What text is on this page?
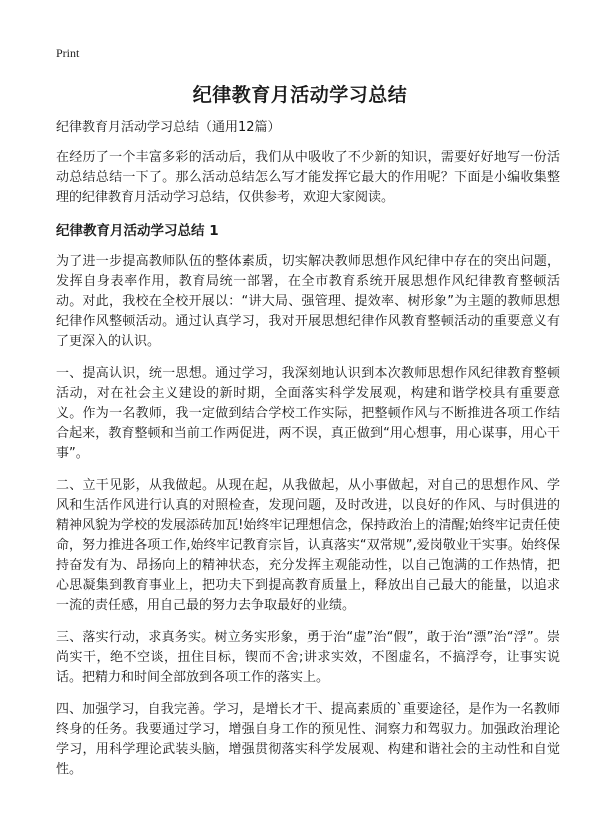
Print
纪律教育月活动学习总结
纪律教育月活动学习总结（通用12篇）

在经历了一个丰富多彩的活动后，我们从中吸收了不少新的知识，需要好好地写一份活动总结总结一下了。那么活动总结怎么写才能发挥它最大的作用呢？下面是小编收集整理的纪律教育月活动学习总结，仅供参考，欢迎大家阅读。

纪律教育月活动学习总结 1

为了进一步提高教师队伍的整体素质，切实解决教师思想作风纪律中存在的突出问题，发挥自身表率作用，教育局统一部署，在全市教育系统开展思想作风纪律教育整顿活动。对此，我校在全校开展以：“讲大局、强管理、提效率、树形象”为主题的教师思想纪律作风整顿活动。通过认真学习，我对开展思想纪律作风教育整顿活动的重要意义有了更深入的认识。

一、提高认识，统一思想。通过学习，我深刻地认识到本次教师思想作风纪律教育整顿活动，对在社会主义建设的新时期，全面落实科学发展观，构建和谐学校具有重要意义。作为一名教师，我一定做到结合学校工作实际，把整顿作风与不断推进各项工作结合起来，教育整顿和当前工作两促进，两不误，真正做到“用心想事，用心谋事，用心干事”。

二、立干见影，从我做起。从现在起，从我做起，从小事做起，对自己的思想作风、学风和生活作风进行认真的对照检查，发现问题，及时改进，以良好的作风、与时俱进的精神风貌为学校的发展添砖加瓦!始终牢记理想信念，保持政治上的清醒;始终牢记责任使命，努力推进各项工作,始终牢记教育宗旨，认真落实“双常规”,爱岗敬业干实事。始终保持奋发有为、昂扬向上的精神状态，充分发挥主观能动性，以自己饱满的工作热情，把心思凝集到教育事业上，把功夫下到提高教育质量上，释放出自己最大的能量，以追求一流的责任感，用自己最的努力去争取最好的业绩。

三、落实行动，求真务实。树立务实形象，勇于治“虚”治“假”，敢于治“漂”治“浮”。崇尚实干，绝不空谈，扭住目标，锲而不舍;讲求实效，不图虚名，不搞浮夸，让事实说话。把精力和时间全部放到各项工作的落实上。

四、加强学习，自我完善。学习，是增长才干、提高素质的`重要途径，是作为一名教师终身的任务。我要通过学习，增强自身工作的预见性、洞察力和驾驭力。加强政治理论学习，用科学理论武装头脑，增强贯彻落实科学发展观、构建和谐社会的主动性和自觉性。
